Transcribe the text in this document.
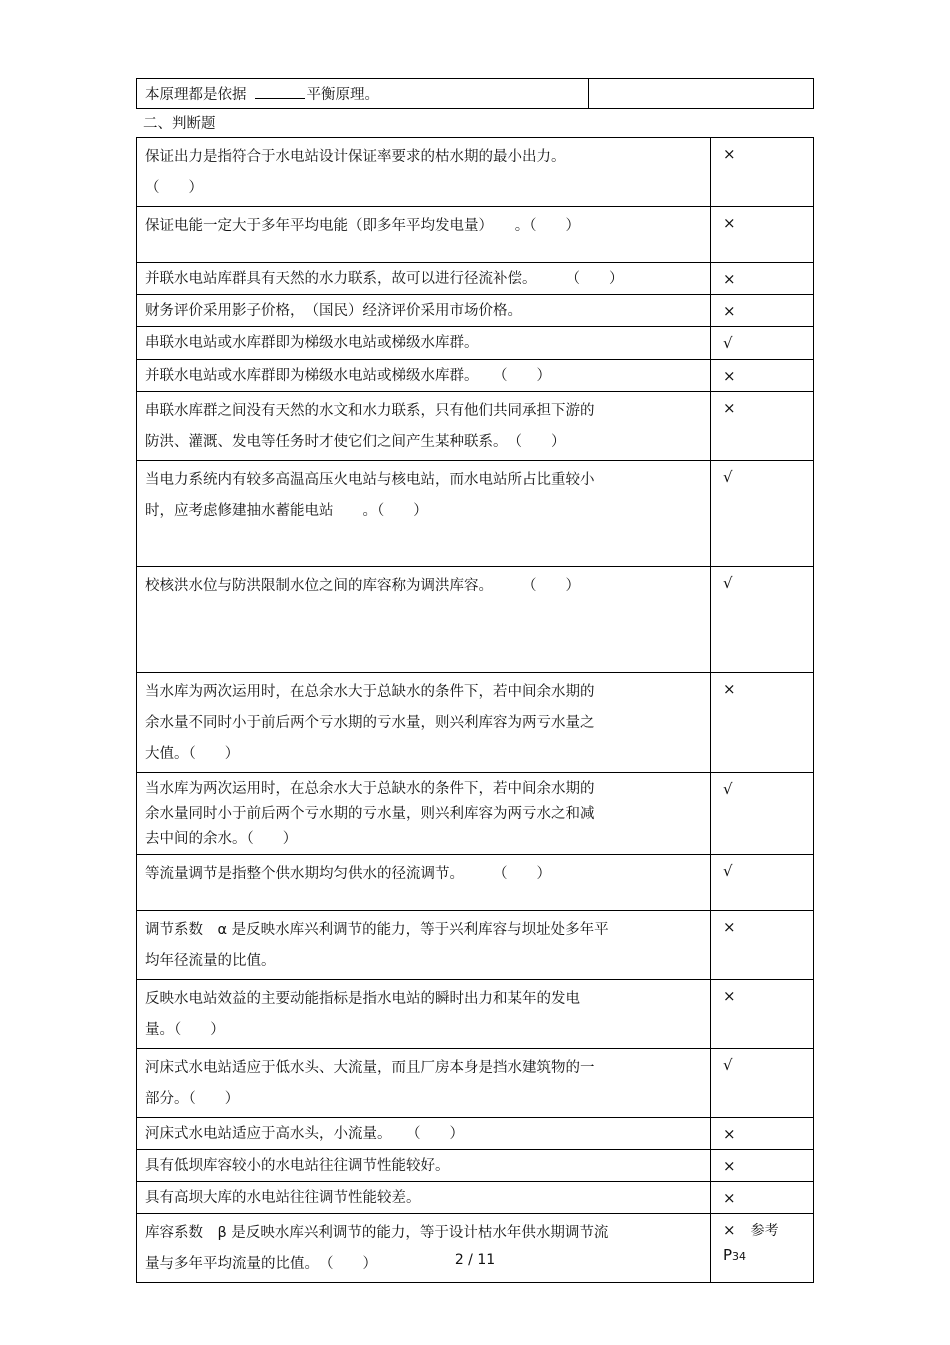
本原理都是依据	平衡原理。	
二、判断题
保证出力是指符合于水电站设计保证率要求的枯水期的最小出力。
（　　）	×
保证电能一定大于多年平均电能（即多年平均发电量）　　。（　　）	×
并联水电站库群具有天然的水力联系，故可以进行径流补偿。　　　（　　）	×
财务评价采用影子价格，　（国民）经济评价采用市场价格。	×
串联水电站或水库群即为梯级水电站或梯级水库群。	√
并联水电站或水库群即为梯级水电站或梯级水库群。　　（　　）	×
串联水库群之间没有天然的水文和水力联系，只有他们共同承担下游的
防洪、灌溉、发电等任务时才使它们之间产生某种联系。　（　　）	×
当电力系统内有较多高温高压火电站与核电站，而水电站所占比重较小
时，应考虑修建抽水蓄能电站　　。（　　）	√
校核洪水位与防洪限制水位之间的库容称为调洪库容。　　　（　　）	√
当水库为两次运用时，在总余水大于总缺水的条件下，若中间余水期的
余水量不同时小于前后两个亏水期的亏水量，则兴利库容为两亏水量之
大值。（　　）	×
当水库为两次运用时，在总余水大于总缺水的条件下，若中间余水期的
余水量同时小于前后两个亏水期的亏水量，则兴利库容为两亏水之和减
去中间的余水。（　　）	√
等流量调节是指整个供水期均匀供水的径流调节。　　　（　　）	√
调节系数　α 是反映水库兴利调节的能力，等于兴利库容与坝址处多年平
均年径流量的比值。	×
反映水电站效益的主要动能指标是指水电站的瞬时出力和某年的发电
量。（　　）	×
河床式水电站适应于低水头、大流量，而且厂房本身是挡水建筑物的一
部分。（　　）	√
河床式水电站适应于高水头，小流量。　　（　　）	×
具有低坝库容较小的水电站往往调节性能较好。	×
具有高坝大库的水电站往往调节性能较差。	×
库容系数　β 是反映水库兴利调节的能力，等于设计枯水年供水期调节流
量与多年平均流量的比值。　（　　）	×　 参考　P34
2 / 11
